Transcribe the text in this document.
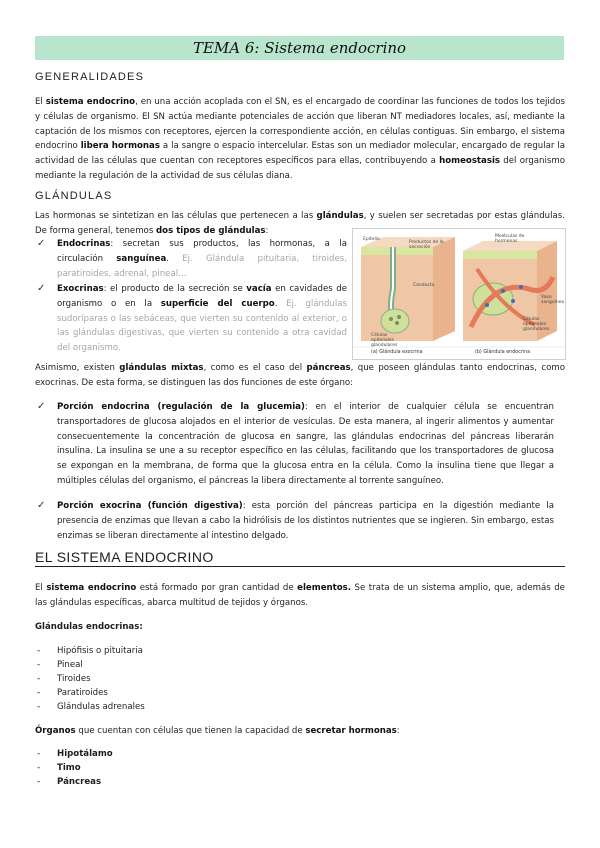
TEMA 6: Sistema endocrino
GENERALIDADES
El sistema endocrino, en una acción acoplada con el SN, es el encargado de coordinar las funciones de todos los tejidos y células de organismo. El SN actúa mediante potenciales de acción que liberan NT mediadores locales, así, mediante la captación de los mismos con receptores, ejercen la correspondiente acción, en células contiguas. Sin embargo, el sistema endocrino libera hormonas a la sangre o espacio intercelular. Estas son un mediador molecular, encargado de regular la actividad de las células que cuentan con receptores específicos para ellas, contribuyendo a homeostasis del organismo mediante la regulación de la actividad de sus células diana.
GLÁNDULAS
Las hormonas se sintetizan en las células que pertenecen a las glándulas, y suelen ser secretadas por estas glándulas. De forma general, tenemos dos tipos de glándulas:
✓ Endocrinas: secretan sus productos, las hormonas, a la circulación sanguínea. Ej. Glándula pituitaria, tiroides, paratiroides, adrenal, pineal…
✓ Exocrinas: el producto de la secreción se vacía en cavidades de organismo o en la superficie del cuerpo. Ej. glándulas sudoríparas o las sebáceas, que vierten su contenido al exterior, o las glándulas digestivas, que vierten su contenido a otra cavidad del organismo.
Epitelio
Productos de la secreción
Conducto
Células epiteliales glandulares
Moléculas de hormonas
Vaso sanguíneo
Células epiteliales glandulares
(a) Glándula exocrina	(b) Glándula endocrina
Asimismo, existen glándulas mixtas, como es el caso del páncreas, que poseen glándulas tanto endocrinas, como exocrinas. De esta forma, se distinguen las dos funciones de este órgano:
✓ Porción endocrina (regulación de la glucemia): en el interior de cualquier célula se encuentran transportadores de glucosa alojados en el interior de vesículas. De esta manera, al ingerir alimentos y aumentar consecuentemente la concentración de glucosa en sangre, las glándulas endocrinas del páncreas liberarán insulina. La insulina se une a su receptor específico en las células, facilitando que los transportadores de glucosa se expongan en la membrana, de forma que la glucosa entra en la célula. Como la insulina tiene que llegar a múltiples células del organismo, el páncreas la libera directamente al torrente sanguíneo.
✓ Porción exocrina (función digestiva): esta porción del páncreas participa en la digestión mediante la presencia de enzimas que llevan a cabo la hidrólisis de los distintos nutrientes que se ingieren. Sin embargo, estas enzimas se liberan directamente al intestino delgado.
EL SISTEMA ENDOCRINO
El sistema endocrino está formado por gran cantidad de elementos. Se trata de un sistema amplio, que, además de las glándulas específicas, abarca multitud de tejidos y órganos.
Glándulas endocrinas:
- Hipófisis o pituitaria
- Pineal
- Tiroides
- Paratiroides
- Glándulas adrenales
Órganos que cuentan con células que tienen la capacidad de secretar hormonas:
- Hipotálamo
- Timo
- Páncreas
